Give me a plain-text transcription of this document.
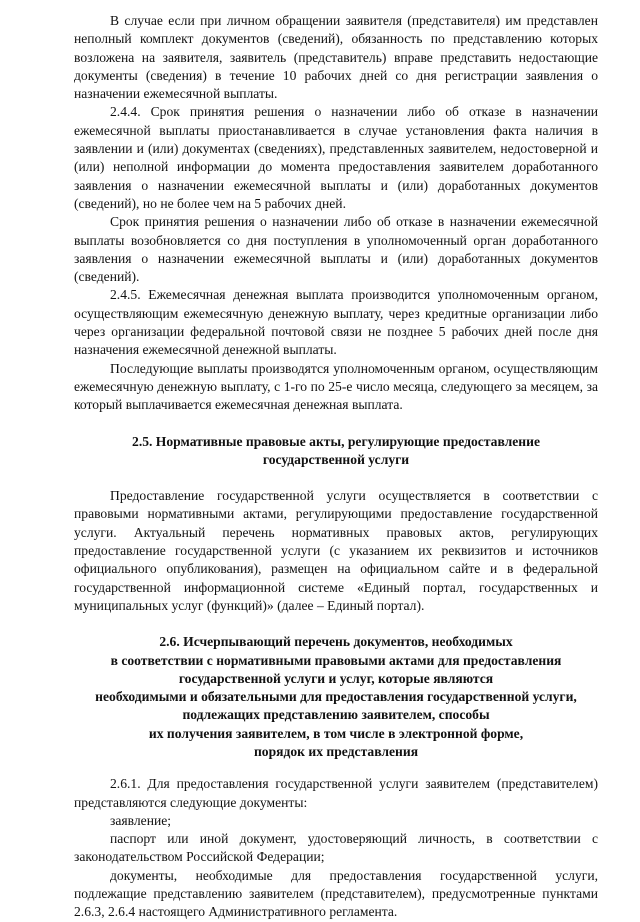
В случае если при личном обращении заявителя (представителя) им представлен неполный комплект документов (сведений), обязанность по представлению которых возложена на заявителя, заявитель (представитель) вправе представить недостающие документы (сведения) в течение 10 рабочих дней со дня регистрации заявления о назначении ежемесячной выплаты.

2.4.4. Срок принятия решения о назначении либо об отказе в назначении ежемесячной выплаты приостанавливается в случае установления факта наличия в заявлении и (или) документах (сведениях), представленных заявителем, недостоверной и (или) неполной информации до момента предоставления заявителем доработанного заявления о назначении ежемесячной выплаты и (или) доработанных документов (сведений), но не более чем на 5 рабочих дней.

Срок принятия решения о назначении либо об отказе в назначении ежемесячной выплаты возобновляется со дня поступления в уполномоченный орган доработанного заявления о назначении ежемесячной выплаты и (или) доработанных документов (сведений).

2.4.5. Ежемесячная денежная выплата производится уполномоченным органом, осуществляющим ежемесячную денежную выплату, через кредитные организации либо через организации федеральной почтовой связи не позднее 5 рабочих дней после дня назначения ежемесячной денежной выплаты.

Последующие выплаты производятся уполномоченным органом, осуществляющим ежемесячную денежную выплату, с 1-го по 25-е число месяца, следующего за месяцем, за который выплачивается ежемесячная денежная выплата.

2.5. Нормативные правовые акты, регулирующие предоставление
государственной услуги

Предоставление государственной услуги осуществляется в соответствии с правовыми нормативными актами, регулирующими предоставление государственной услуги. Актуальный перечень нормативных правовых актов, регулирующих предоставление государственной услуги (с указанием их реквизитов и источников официального опубликования), размещен на официальном сайте и в федеральной государственной информационной системе «Единый портал, государственных и муниципальных услуг (функций)» (далее – Единый портал).

2.6. Исчерпывающий перечень документов, необходимых
в соответствии с нормативными правовыми актами для предоставления
государственной услуги и услуг, которые являются
необходимыми и обязательными для предоставления государственной услуги,
подлежащих представлению заявителем, способы
их получения заявителем, в том числе в электронной форме,
порядок их представления

2.6.1. Для предоставления государственной услуги заявителем (представителем) представляются следующие документы:

заявление;

паспорт или иной документ, удостоверяющий личность, в соответствии с законодательством Российской Федерации;

документы, необходимые для предоставления государственной услуги, подлежащие представлению заявителем (представителем), предусмотренные пунктами 2.6.3, 2.6.4 настоящего Административного регламента.
